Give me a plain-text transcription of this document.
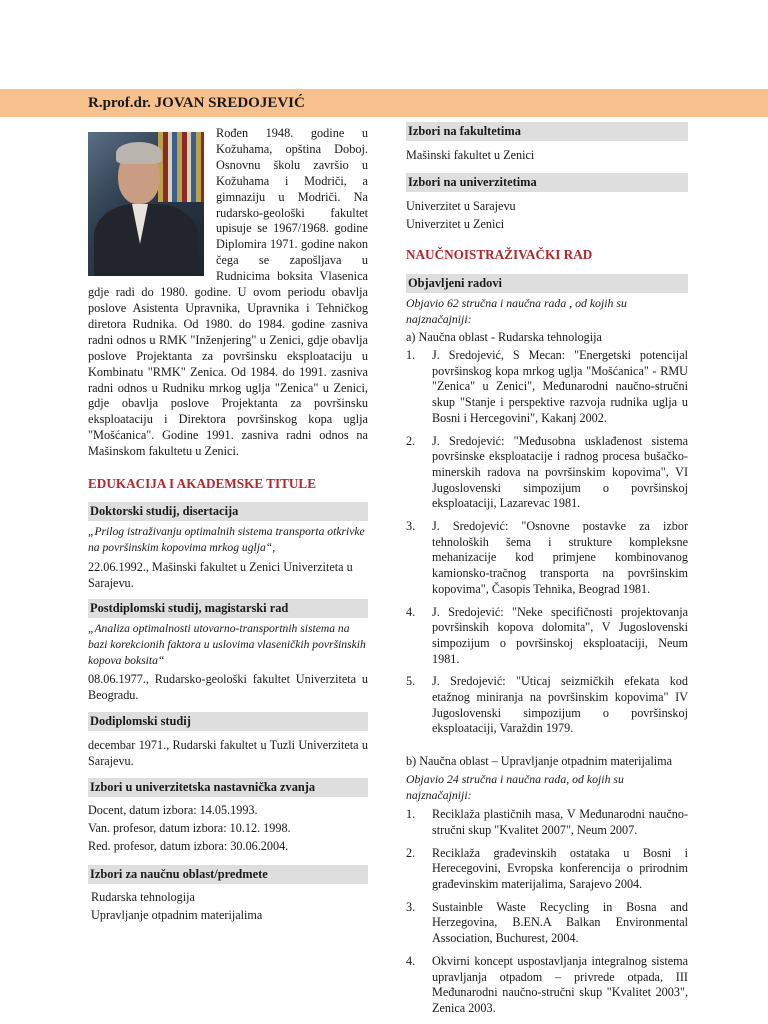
R.prof.dr. JOVAN SREDOJEVIĆ

Rođen 1948. godine u Kožuhama, opština Doboj. Osnovnu školu završio u Kožuhama i Modriči, a gimnaziju u Modriči. Na rudarsko-geološki fakultet upisuje se 1967/1968. godine Diplomira 1971. godine nakon čega se zapošljava u Rudnicima boksita Vlasenica gdje radi do 1980. godine. U ovom periodu obavlja poslove Asistenta Upravnika, Upravnika i Tehničkog diretora Rudnika. Od 1980. do 1984. godine zasniva radni odnos u RMK "Inženjering" u Zenici, gdje obavlja poslove Projektanta za površinsku eksploataciju u Kombinatu "RMK" Zenica. Od 1984. do 1991. zasniva radni odnos u Rudniku mrkog uglja "Zenica" u Zenici, gdje obavlja poslove Projektanta za površinsku eksploataciju i Direktora površinskog kopa uglja "Mošćanica". Godine 1991. zasniva radni odnos na Mašinskom fakultetu u Zenici.

EDUKACIJA I AKADEMSKE TITULE
Doktorski studij, disertacija

„Prilog istraživanju optimalnih sistema transporta otkrivke na površinskim kopovima mrkog uglja“,

22.06.1992., Mašinski fakultet u Zenici Univerziteta u Sarajevu.

Postdiplomski studij, magistarski rad

„Analiza optimalnosti utovarno-transportnih sistema na bazi korekcionih faktora u uslovima vlaseničkih površinskih kopova boksita“

08.06.1977., Rudarsko-geološki fakultet Univerziteta u Beogradu.

Dodiplomski studij

decembar 1971., Rudarski fakultet u Tuzli Univerziteta u Sarajevu.

Izbori u univerzitetska nastavnička zvanja

Docent, datum izbora: 14.05.1993.

Van. profesor, datum izbora: 10.12. 1998.

Red. profesor, datum izbora: 30.06.2004.

Izbori za naučnu oblast/predmete

Rudarska tehnologija

Upravljanje otpadnim materijalima

Izbori na fakultetima

Mašinski fakultet u Zenici

Izbori na univerzitetima

Univerzitet u Sarajevu

Univerzitet u Zenici

NAUČNOISTRAŽIVAČKI RAD
Objavljeni radovi

Objavio 62 stručna i naučna rada , od kojih su najznačajniji:

a) Naučna oblast - Rudarska tehnologija

1. J. Sredojević, S Mecan: "Energetski potencijal površinskog kopa mrkog uglja "Mošćanica" - RMU "Zenica" u Zenici", Međunarodni naučno-stručni skup "Stanje i perspektive razvoja rudnika uglja u Bosni i Hercegovini", Kakanj 2002.
2. J. Sredojević: "Međusobna usklađenost sistema površinske eksploatacije i radnog procesa bušačko-minerskih radova na površinskim kopovima", VI Jugoslovenski simpozijum o površinskoj eksploataciji, Lazarevac 1981.
3. J. Sredojević: "Osnovne postavke za izbor tehnoloških šema i strukture kompleksne mehanizacije kod primjene kombinovanog kamionsko-tračnog transporta na površinskim kopovima", Časopis Tehnika, Beograd 1981.
4. J. Sredojević: "Neke specifičnosti projektovanja površinskih kopova dolomita", V Jugoslovenski simpozijum o površinskoj eksploataciji, Neum 1981.
5. J. Sredojević: "Uticaj seizmičkih efekata kod etažnog miniranja na površinskim kopovima" IV Jugoslovenski simpozijum o površinskoj eksploataciji, Varaždin 1979.

b) Naučna oblast – Upravljanje otpadnim materijalima

Objavio 24 stručna i naučna rada, od kojih su najznačajniji:

1. Reciklaža plastičnih masa, V Međunarodni naučno-stručni skup "Kvalitet 2007", Neum 2007.
2. Reciklaža građevinskih ostataka u Bosni i Herecegovini, Evropska konferencija o prirodnim građevinskim materijalima, Sarajevo 2004.
3. Sustainble Waste Recycling in Bosna and Herzegovina, B.EN.A Balkan Environmental Association, Buchurest, 2004.
4. Okvirni koncept uspostavljanja integralnog sistema upravljanja otpadom – privrede otpada, III Međunarodni naučno-stručni skup "Kvalitet 2003", Zenica 2003.
